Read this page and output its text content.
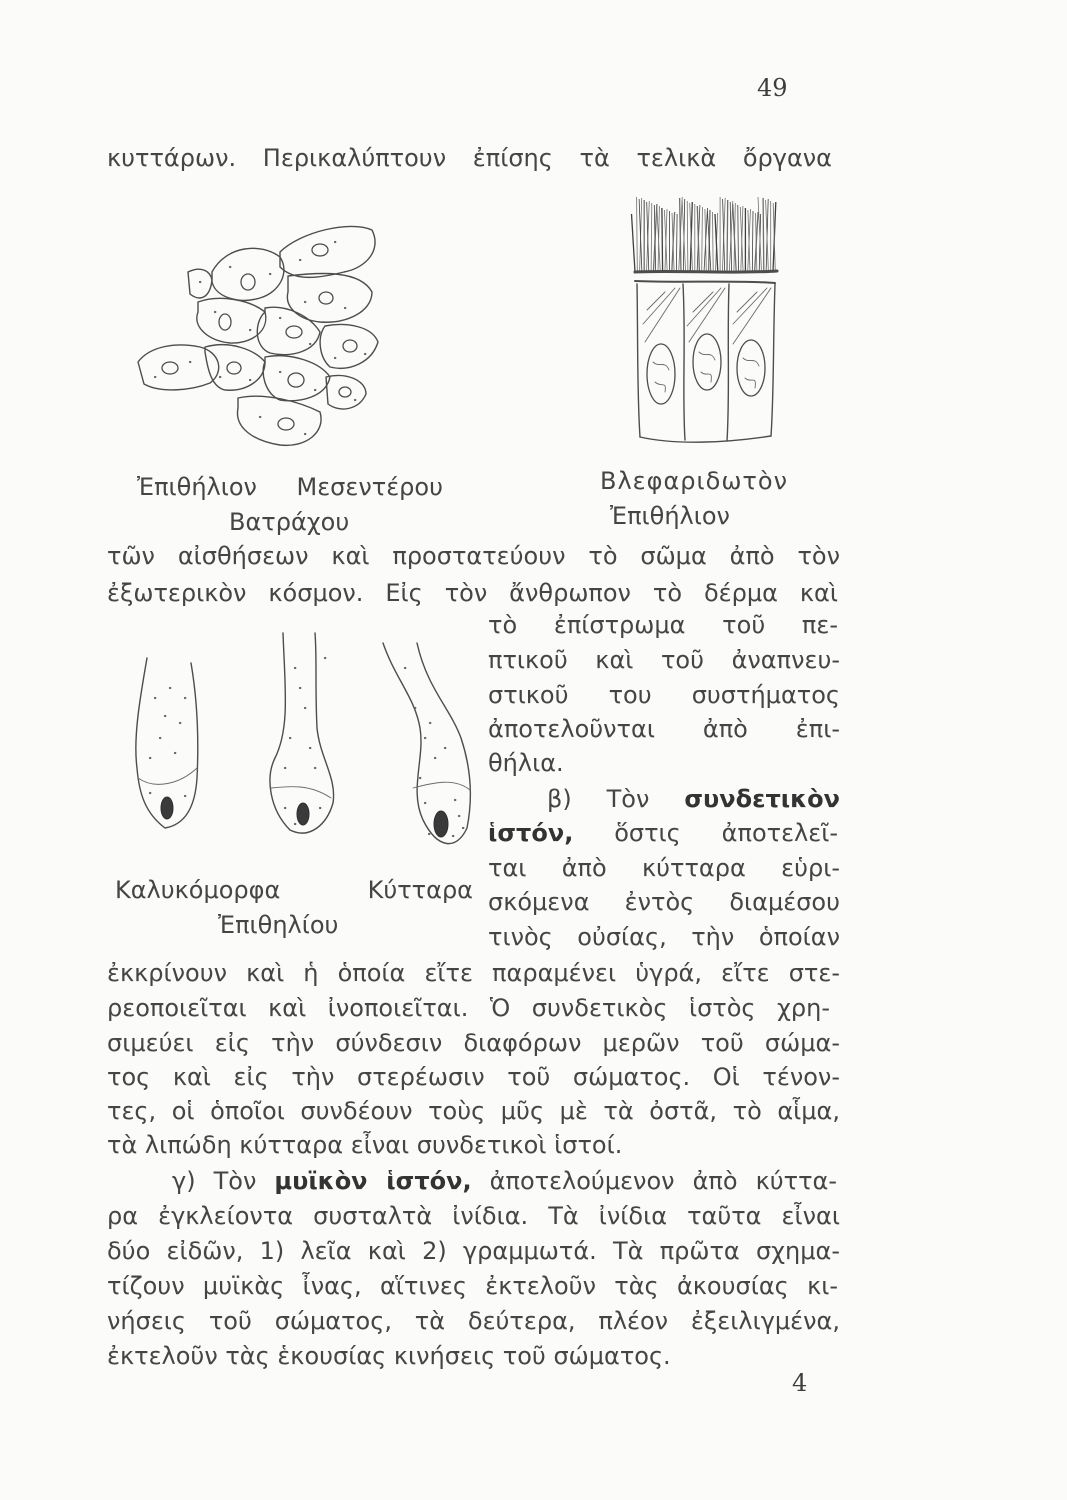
49
κυττάρων. Περικαλύπτουν ἐπίσης τὰ τελικὰ ὄργανα
Ἐπιθήλιον Μεσεντέρου
Βατράχου
Βλεφαριδωτὸν
Ἐπιθήλιον
τῶν αἰσθήσεων καὶ προστατεύουν τὸ σῶμα ἀπὸ τὸν
ἐξωτερικὸν κόσμον. Εἰς τὸν ἄνθρωπον τὸ δέρμα καὶ
τὸ ἐπίστρωμα τοῦ πε-
πτικοῦ καὶ τοῦ ἀναπνευ-
στικοῦ του συστήματος
ἀποτελοῦνται ἀπὸ ἐπι-
θήλια.
β) Τὸν συνδετικὸν
ἱστόν, ὅστις ἀποτελεῖ-
ται ἀπὸ κύτταρα εὑρι-
σκόμενα ἐντὸς διαμέσου
τινὸς οὐσίας, τὴν ὁποίαν
Καλυκόμορφα Κύτταρα
Ἐπιθηλίου
ἐκκρίνουν καὶ ἡ ὁποία εἴτε παραμένει ὑγρά, εἴτε στε-
ρεοποιεῖται καὶ ἰνοποιεῖται. Ὁ συνδετικὸς ἱστὸς χρη-
σιμεύει εἰς τὴν σύνδεσιν διαφόρων μερῶν τοῦ σώμα-
τος καὶ εἰς τὴν στερέωσιν τοῦ σώματος. Οἱ τένον-
τες, οἱ ὁποῖοι συνδέουν τοὺς μῦς μὲ τὰ ὀστᾶ, τὸ αἷμα,
τὰ λιπώδη κύτταρα εἶναι συνδετικοὶ ἱστοί.
γ) Τὸν μυϊκὸν ἱστόν, ἀποτελούμενον ἀπὸ κύττα-
ρα ἐγκλείοντα συσταλτὰ ἰνίδια. Τὰ ἰνίδια ταῦτα εἶναι
δύο εἰδῶν, 1) λεῖα καὶ 2) γραμμωτά. Τὰ πρῶτα σχημα-
τίζουν μυϊκὰς ἶνας, αἵτινες ἐκτελοῦν τὰς ἀκουσίας κι-
νήσεις τοῦ σώματος, τὰ δεύτερα, πλέον ἐξειλιγμένα,
ἐκτελοῦν τὰς ἑκουσίας κινήσεις τοῦ σώματος.
4
